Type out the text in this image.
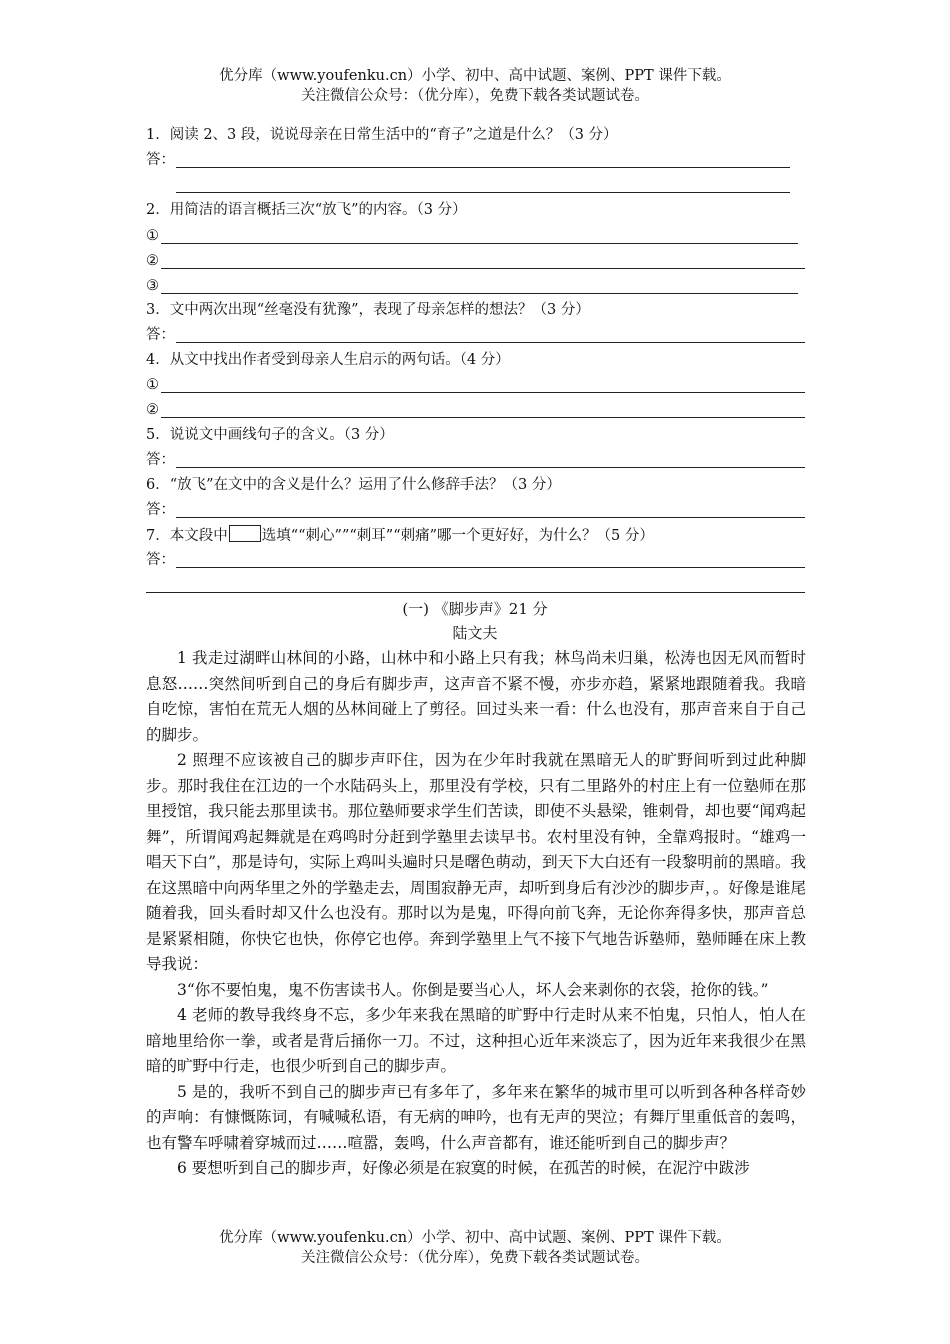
优分库（www.youfenku.cn）小学、初中、高中试题、案例、PPT 课件下载。
关注微信公众号：（优分库），免费下载各类试题试卷。
1．阅读 2、3 段，说说母亲在日常生活中的“育子”之道是什么？（3 分）
答：
2．用简洁的语言概括三次“放飞”的内容。（3 分）
①
②
③
3．文中两次出现“丝毫没有犹豫”，表现了母亲怎样的想法？（3 分）
答：
4．从文中找出作者受到母亲人生启示的两句话。（4 分）
①
②
5．说说文中画线句子的含义。（3 分）
答：
6．“放飞”在文中的含义是什么？运用了什么修辞手法？（3 分）
答：
7．本文段中 选填““刺心””“刺耳”“刺痛”哪一个更好好，为什么？（5 分）
答：
(一) 《脚步声》21 分
陆文夫

1 我走过湖畔山林间的小路，山林中和小路上只有我；林鸟尚未归巢，松涛也因无风而暂时息怒……突然间听到自己的身后有脚步声，这声音不紧不慢，亦步亦趋，紧紧地跟随着我。我暗自吃惊，害怕在荒无人烟的丛林间碰上了剪径。回过头来一看：什么也没有，那声音来自于自己的脚步。

2 照理不应该被自己的脚步声吓住，因为在少年时我就在黑暗无人的旷野间听到过此种脚步。那时我住在江边的一个水陆码头上，那里没有学校，只有二里路外的村庄上有一位塾师在那里授馆，我只能去那里读书。那位塾师要求学生们苦读，即使不头悬梁，锥刺骨，却也要“闻鸡起舞”，所谓闻鸡起舞就是在鸡鸣时分赶到学塾里去读早书。农村里没有钟，全靠鸡报时。“雄鸡一唱天下白”，那是诗句，实际上鸡叫头遍时只是曙色萌动，到天下大白还有一段黎明前的黑暗。我在这黑暗中向两华里之外的学塾走去，周围寂静无声，却听到身后有沙沙的脚步声，。好像是谁尾随着我，回头看时却又什么也没有。那时以为是鬼，吓得向前飞奔，无论你奔得多快，那声音总是紧紧相随，你快它也快，你停它也停。奔到学塾里上气不接下气地告诉塾师，塾师睡在床上教导我说：

3“你不要怕鬼，鬼不伤害读书人。你倒是要当心人，坏人会来剥你的衣袋，抢你的钱。”

4 老师的教导我终身不忘，多少年来我在黑暗的旷野中行走时从来不怕鬼，只怕人，怕人在暗地里给你一拳，或者是背后捅你一刀。不过，这种担心近年来淡忘了，因为近年来我很少在黑暗的旷野中行走，也很少听到自己的脚步声。

5 是的，我听不到自己的脚步声已有多年了，多年来在繁华的城市里可以听到各种各样奇妙的声响：有慷慨陈词，有喊喊私语，有无病的呻吟，也有无声的哭泣；有舞厅里重低音的轰鸣，也有警车呼啸着穿城而过……喧嚣，轰鸣，什么声音都有，谁还能听到自己的脚步声？

6 要想听到自己的脚步声，好像必须是在寂寞的时候，在孤苦的时候，在泥泞中跋涉

优分库（www.youfenku.cn）小学、初中、高中试题、案例、PPT 课件下载。
关注微信公众号：（优分库），免费下载各类试题试卷。
